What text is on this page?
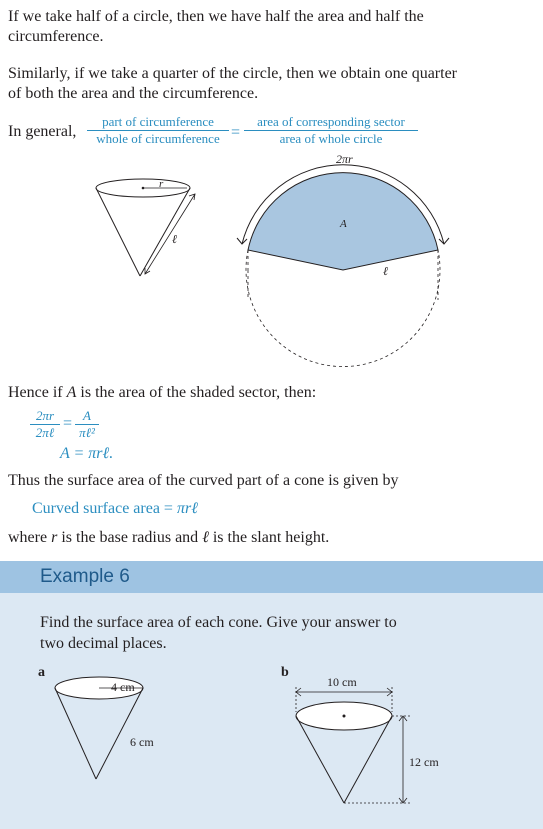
If we take half of a circle, then we have half the area and half the
circumference.
Similarly, if we take a quarter of the circle, then we obtain one quarter
of both the area and the circumference.
In general,
part of circumference
whole of circumference =
area of corresponding sector
area of whole circle
2πr
r
ℓ
A
ℓ
Hence if A is the area of the shaded sector, then:
2πr
2πℓ
= A
πℓ²
A = πrℓ.
Thus the surface area of the curved part of a cone is given by
Curved surface area = πrℓ
where r is the base radius and ℓ is the slant height.
Example 6
Find the surface area of each cone. Give your answer to
two decimal places.
a	b
4 cm
6 cm
10 cm
12 cm
